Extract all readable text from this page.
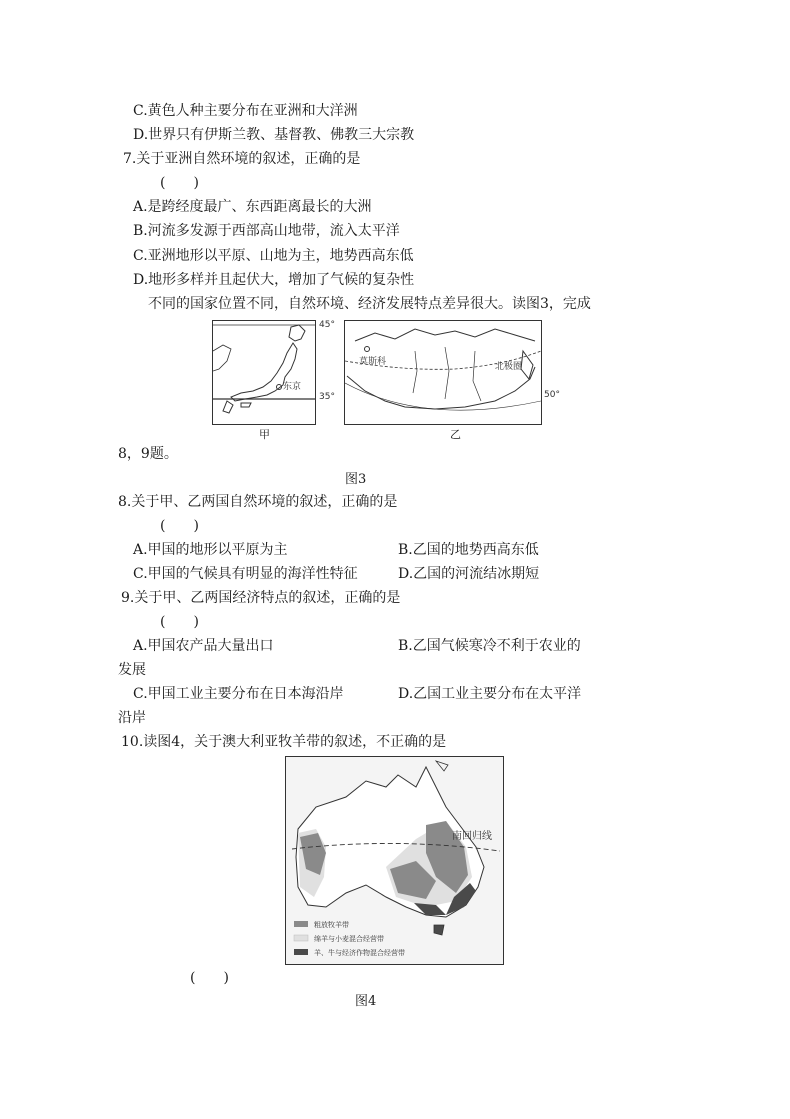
C.黄色人种主要分布在亚洲和大洋洲
D.世界只有伊斯兰教、基督教、佛教三大宗教
7.关于亚洲自然环境的叙述，正确的是
(　　)
A.是跨经度最广、东西距离最长的大洲
B.河流多发源于西部高山地带，流入太平洋
C.亚洲地形以平原、山地为主，地势西高东低
D.地形多样并且起伏大，增加了气候的复杂性
不同的国家位置不同，自然环境、经济发展特点差异很大。读图3，完成
东京
45°
35°
甲
莫斯科	北极圈
50°
乙
8，9题。
图3
8.关于甲、乙两国自然环境的叙述，正确的是
(　　)
A.甲国的地形以平原为主	B.乙国的地势西高东低
C.甲国的气候具有明显的海洋性特征	D.乙国的河流结冰期短
9.关于甲、乙两国经济特点的叙述，正确的是
(　　)
A.甲国农产品大量出口	B.乙国气候寒冷不利于农业的
发展
C.甲国工业主要分布在日本海沿岸	D.乙国工业主要分布在太平洋
沿岸
10.读图4，关于澳大利亚牧羊带的叙述，不正确的是
粗放牧羊带
绵羊与小麦混合经营带
羊、牛与经济作物混合经营带
南回归线
(　　)
图4
